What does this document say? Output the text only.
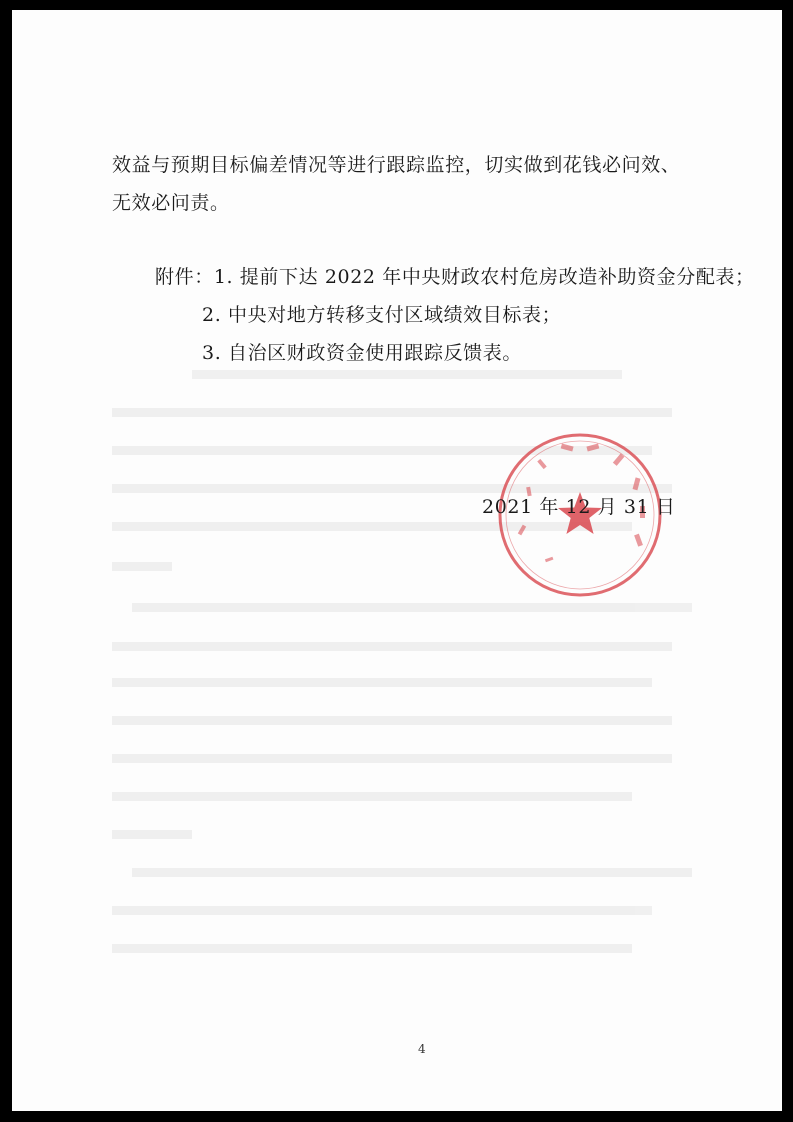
效益与预期目标偏差情况等进行跟踪监控，切实做到花钱必问效、
无效必问责。
附件：1. 提前下达 2022 年中央财政农村危房改造补助资金分配表；
2. 中央对地方转移支付区域绩效目标表；
3. 自治区财政资金使用跟踪反馈表。
2021 年 12 月 31 日
4
